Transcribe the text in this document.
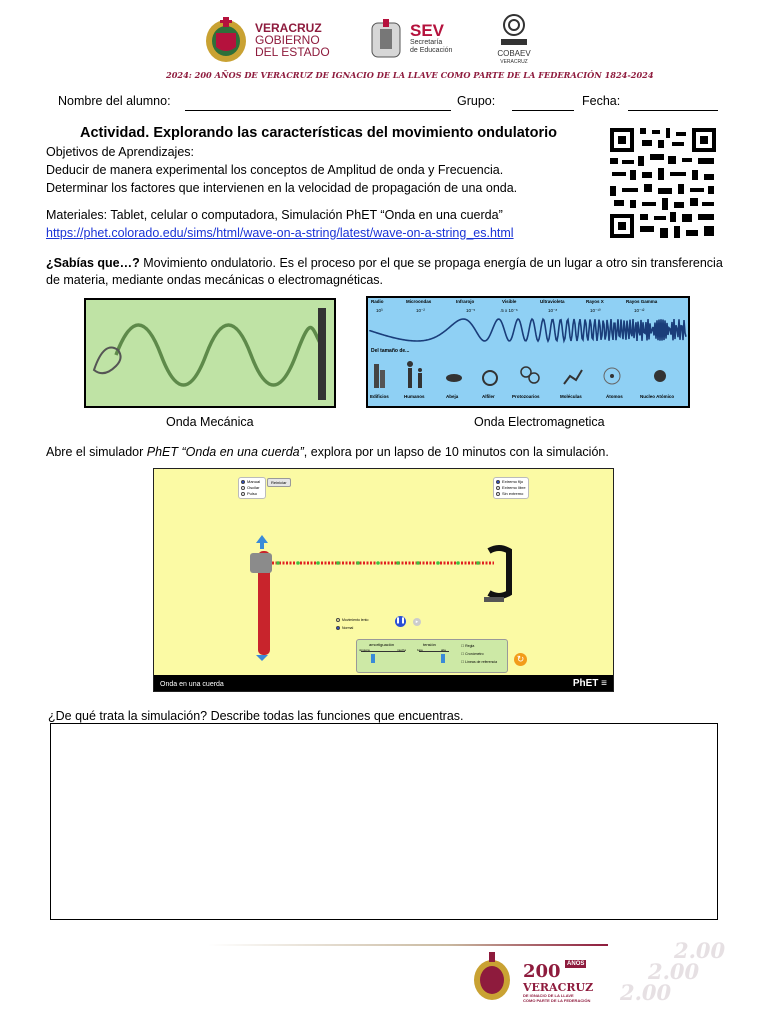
VERACRUZ
GOBIERNO
DEL ESTADO
SEV
Secretaría
de Educación	COBAEV
VERACRUZ
2024: 200 AÑOS DE VERACRUZ DE IGNACIO DE LA LLAVE COMO PARTE DE LA FEDERACIÓN 1824-2024
Nombre del alumno:	Grupo:	Fecha:
Actividad. Explorando las características del movimiento ondulatorio
Objetivos de Aprendizajes:
Deducir de manera experimental los conceptos de Amplitud de onda y Frecuencia.
Determinar los factores que intervienen en la velocidad de propagación de una onda.
Materiales: Tablet, celular o computadora, Simulación PhET “Onda en una cuerda”
https://phet.colorado.edu/sims/html/wave-on-a-string/latest/wave-on-a-string_es.html
¿Sabías que…? Movimiento ondulatorio. Es el proceso por el que se propaga energía de un lugar a otro sin transferencia
de materia, mediante ondas mecánicas o electromagnéticas.
Onda Mecánica
Radio	Microondas	Infrarojo	Visible	Ultravioleta	Rayos X	Rayos Gamma
10³	10⁻²	10⁻⁵	.5 x 10⁻⁶	10⁻⁸	10⁻¹⁰	10⁻¹²
Del tamaño de...
Edificios	Humanos	Abeja	Alfiler	Protozoarios	Moléculas	Átomos	Nucleo Atómico
Onda Electromagnetica
Abre el simulador PhET “Onda en una cuerda”, explora por un lapso de 10 minutos con la simulación.
Manual
Oscilar
Pulso
Reiniciar	Extremo fijo
Extremo libre
Sin extremo
Movimiento lento
Normal
❚❚	▸
amortiguación	tensión
ninguna	mucha	baja	alta
☐ Regla
☐ Cronómetro
☐ Líneas de referencia	↻
Onda en una cuerda	PhET ≡
¿De qué trata la simulación? Describe todas las funciones que encuentras.
200 $^{AÑOS}$
VERACRUZ
DE IGNACIO DE LA LLAVE
COMO PARTE DE LA FEDERACIÓN
2.00
2.00
2.00
